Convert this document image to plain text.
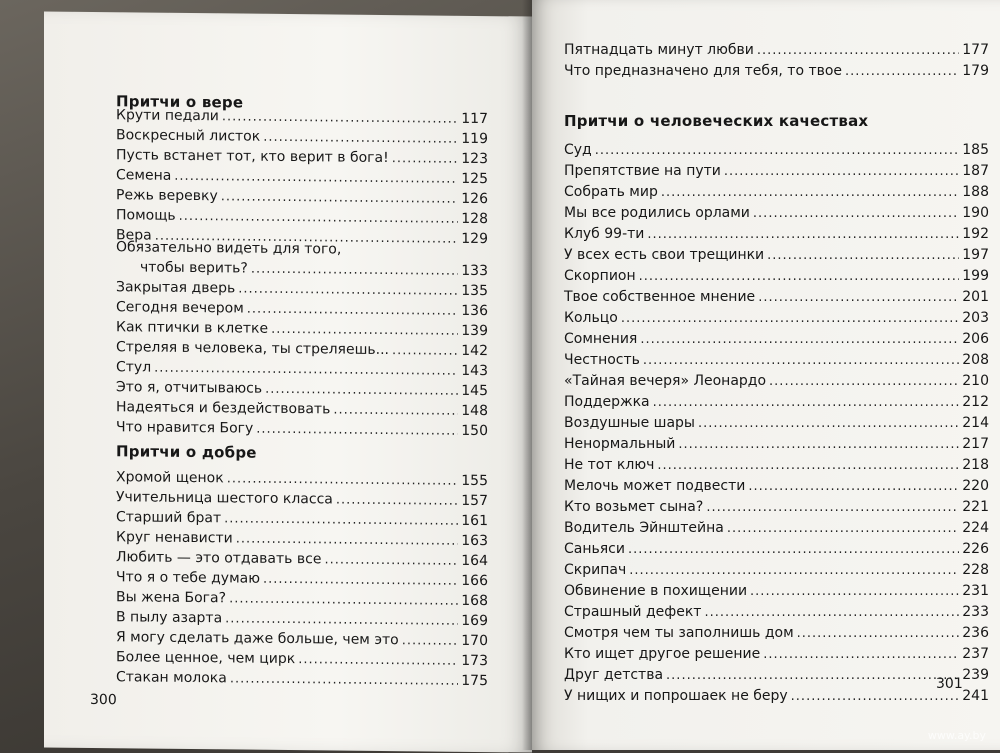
Притчи о вере
Крути педали .....	117
Воскресный листок .....	119
Пусть встанет тот, кто верит в бога! .....	123
Семена .....	125
Режь веревку .....	126
Помощь .....	128
Вера .....	129
Обязательно видеть для того,
чтобы верить? .....	133
Закрытая дверь .....	135
Сегодня вечером .....	136
Как птички в клетке .....	139
Стреляя в человека, ты стреляешь... .....	142
Стул .....	143
Это я, отчитываюсь .....	145
Надеяться и бездействовать .....	148
Что нравится Богу .....	150
Притчи о добре
Хромой щенок .....	155
Учительница шестого класса .....	157
Старший брат .....	161
Круг ненависти .....	163
Любить — это отдавать все .....	164
Что я о тебе думаю .....	166
Вы жена Бога? .....	168
В пылу азарта .....	169
Я могу сделать даже больше, чем это .....	170
Более ценное, чем цирк .....	173
Стакан молока .....	175
300
Пятнадцать минут любви .....	177
Что предназначено для тебя, то твое .....	179
Притчи о человеческих качествах
Суд .....	185
Препятствие на пути .....	187
Собрать мир .....	188
Мы все родились орлами .....	190
Клуб 99-ти .....	192
У всех есть свои трещинки .....	197
Скорпион .....	199
Твое собственное мнение .....	201
Кольцо .....	203
Сомнения .....	206
Честность .....	208
«Тайная вечеря» Леонардо .....	210
Поддержка .....	212
Воздушные шары .....	214
Ненормальный .....	217
Не тот ключ .....	218
Мелочь может подвести .....	220
Кто возьмет сына? .....	221
Водитель Эйнштейна .....	224
Саньяси .....	226
Скрипач .....	228
Обвинение в похищении .....	231
Страшный дефект .....	233
Смотря чем ты заполнишь дом .....	236
Кто ищет другое решение .....	237
Друг детства .....	239
У нищих и попрошаек не беру .....	241
301
www.ay.by
